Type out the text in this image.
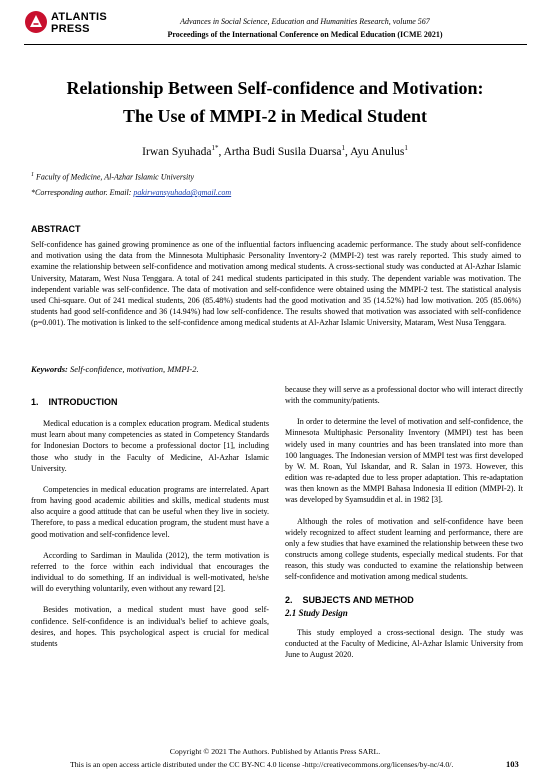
ATLANTIS
PRESS
Advances in Social Science, Education and Humanities Research, volume 567
Proceedings of the International Conference on Medical Education (ICME 2021)
Relationship Between Self-confidence and Motivation:
The Use of MMPI-2 in Medical Student
Irwan Syuhada$^{1*}$, Artha Budi Susila Duarsa$^1$, Ayu Anulus$^1$
$^1$ Faculty of Medicine, Al-Azhar Islamic University
*Corresponding author. Email: pakirwansyuhada@gmail.com
ABSTRACT
Self-confidence has gained growing prominence as one of the influential factors influencing academic performance. The study about self-confidence and motivation using the data from the Minnesota Multiphasic Personality Inventory-2 (MMPI-2) test was rarely reported. This study aimed to examine the relationship between self-confidence and motivation among medical students. A cross-sectional study was conducted at Al-Azhar Islamic University, Mataram, West Nusa Tenggara. A total of 241 medical students participated in this study. The dependent variable was motivation. The independent variable was self-confidence. The data of motivation and self-confidence were obtained using the MMPI-2 test. The statistical analysis used Chi-square. Out of 241 medical students, 206 (85.48%) students had the good motivation and 35 (14.52%) had low motivation. 205 (85.06%) students had good self-confidence and 36 (14.94%) had low self-confidence. The results showed that motivation was associated with self-confidence (p=0.001). The motivation is linked to the self-confidence among medical students at Al-Azhar Islamic University, Mataram, West Nusa Tenggara.
Keywords: Self-confidence, motivation, MMPI-2.
1. INTRODUCTION

Medical education is a complex education program. Medical students must learn about many competencies as stated in Competency Standards for Indonesian Doctors to become a professional doctor [1], including those who study in the Faculty of Medicine, Al-Azhar Islamic University.

Competencies in medical education programs are interrelated. Apart from having good academic abilities and skills, medical students must also acquire a good attitude that can be useful when they live in society. Therefore, to pass a medical education program, the student must have a good motivation and self-confidence level.

According to Sardiman in Maulida (2012), the term motivation is referred to the force within each individual that encourages the individual to do something. If an individual is well-motivated, he/she will do everything voluntarily, even without any reward [2].

Besides motivation, a medical student must have good self-confidence. Self-confidence is an individual's belief to achieve goals, desires, and hopes. This psychological aspect is crucial for medical students

because they will serve as a professional doctor who will interact directly with the community/patients.

In order to determine the level of motivation and self-confidence, the Minnesota Multiphasic Personality Inventory (MMPI) test has been widely used in many countries and has been translated into more than 100 languages. The Indonesian version of MMPI test was first developed by W. M. Roan, Yul Iskandar, and R. Salan in 1973. However, this edition was re-adapted due to less proper adaptation. This re-adaptation was then known as the MMPI Bahasa Indonesia II edition (MMPI-2). It was developed by Syamsuddin et al. in 1982 [3].

Although the roles of motivation and self-confidence have been widely recognized to affect student learning and performance, there are only a few studies that have examined the relationship between these two constructs among college students, especially medical students. For that reason, this study was conducted to examine the relationship between self-confidence and motivation among medical students.

2. SUBJECTS AND METHOD
2.1 Study Design

This study employed a cross-sectional design. The study was conducted at the Faculty of Medicine, Al-Azhar Islamic University from June to August 2020.

Copyright © 2021 The Authors. Published by Atlantis Press SARL.
This is an open access article distributed under the CC BY-NC 4.0 license -http://creativecommons.org/licenses/by-nc/4.0/.	103
